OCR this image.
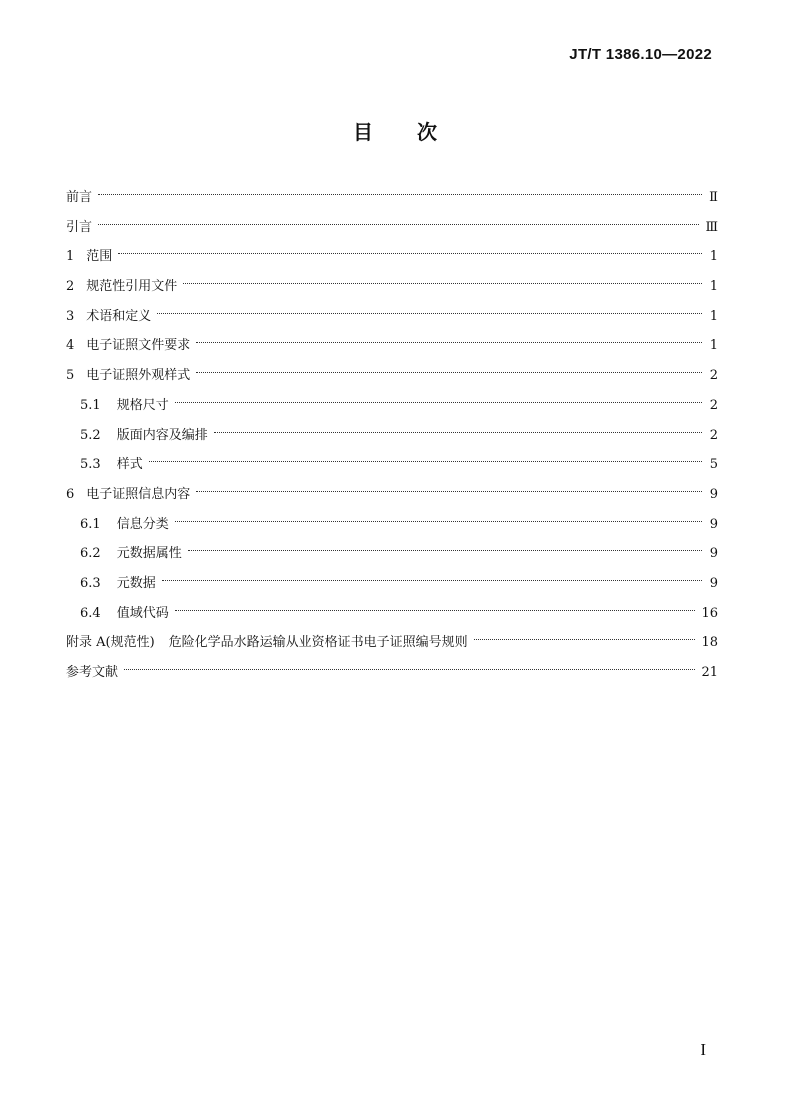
JT/T 1386.10—2022
目 次
前言	Ⅱ
引言	Ⅲ
1 范围	1
2 规范性引用文件	1
3 术语和定义	1
4 电子证照文件要求	1
5 电子证照外观样式	2
5.1 规格尺寸	2
5.2 版面内容及编排	2
5.3 样式	5
6 电子证照信息内容	9
6.1 信息分类	9
6.2 元数据属性	9
6.3 元数据	9
6.4 值域代码	16
附录 A(规范性) 危险化学品水路运输从业资格证书电子证照编号规则	18
参考文献	21
I
